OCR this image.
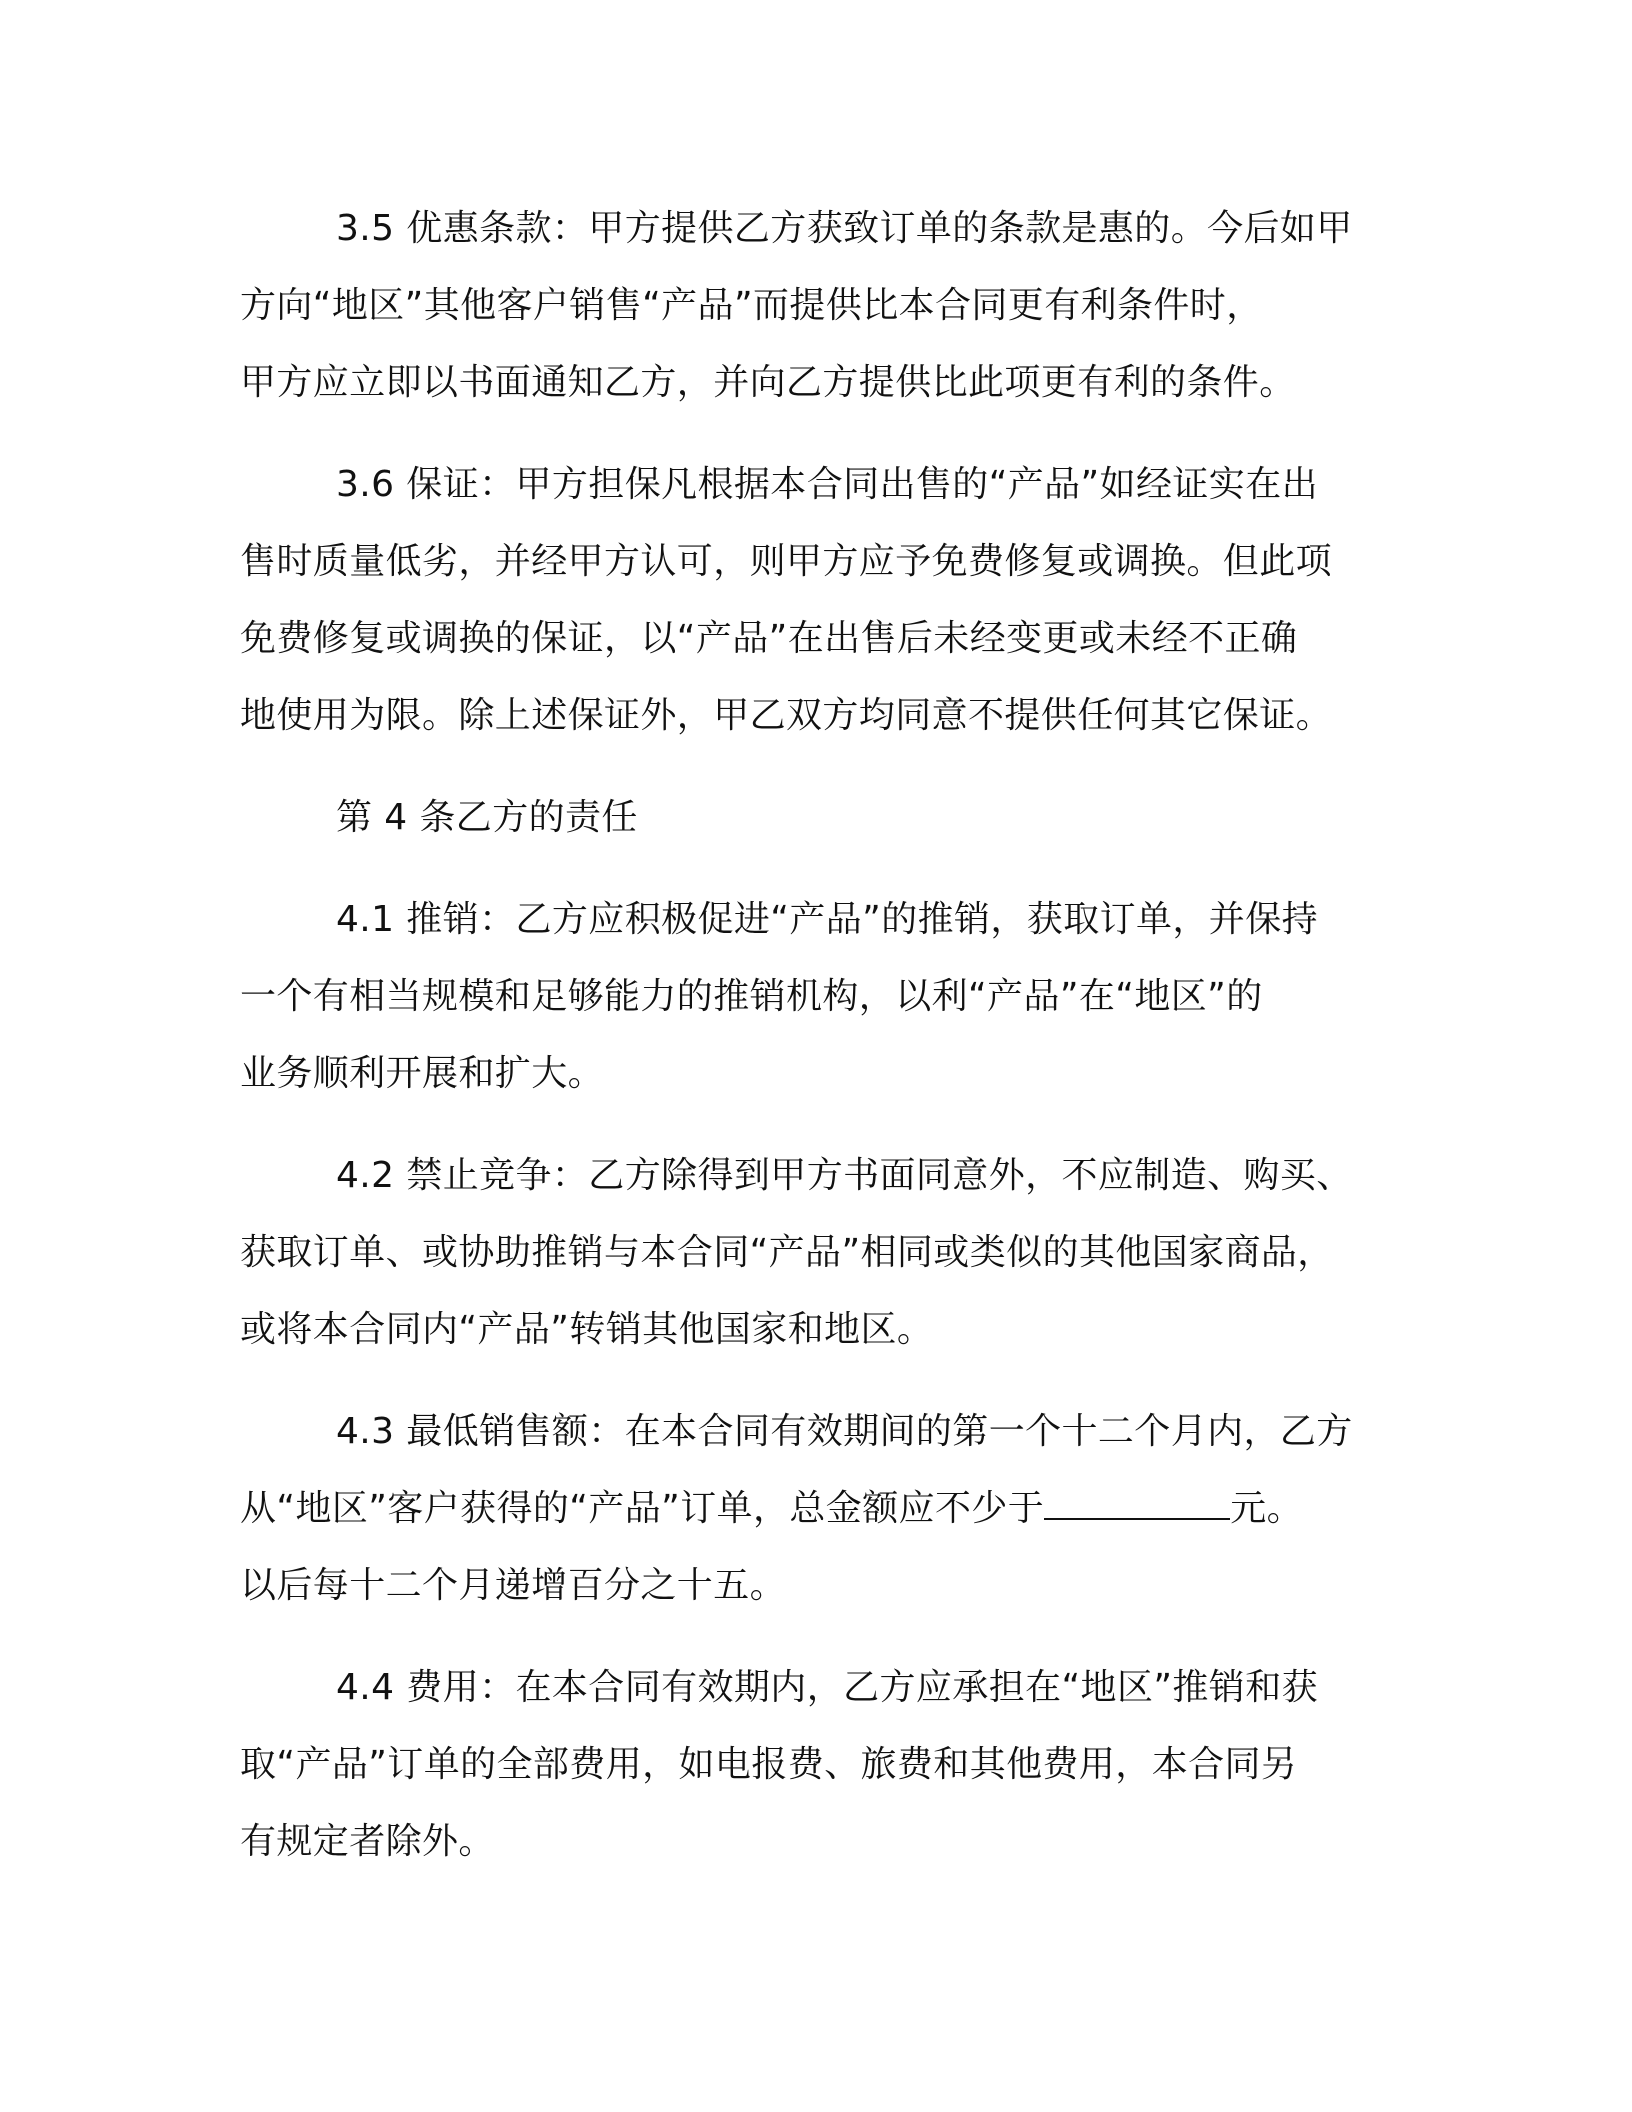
3.5 优惠条款：甲方提供乙方获致订单的条款是惠的。今后如甲
方向“地区”其他客户销售“产品”而提供比本合同更有利条件时，
甲方应立即以书面通知乙方，并向乙方提供比此项更有利的条件。

3.6 保证：甲方担保凡根据本合同出售的“产品”如经证实在出
售时质量低劣，并经甲方认可，则甲方应予免费修复或调换。但此项
免费修复或调换的保证，以“产品”在出售后未经变更或未经不正确
地使用为限。除上述保证外，甲乙双方均同意不提供任何其它保证。

第 4 条乙方的责任

4.1 推销：乙方应积极促进“产品”的推销，获取订单，并保持
一个有相当规模和足够能力的推销机构，以利“产品”在“地区”的
业务顺利开展和扩大。

4.2 禁止竞争：乙方除得到甲方书面同意外，不应制造、购买、
获取订单、或协助推销与本合同“产品”相同或类似的其他国家商品，
或将本合同内“产品”转销其他国家和地区。

4.3 最低销售额：在本合同有效期间的第一个十二个月内，乙方
从“地区”客户获得的“产品”订单，总金额应不少于	元。
以后每十二个月递增百分之十五。

4.4 费用：在本合同有效期内，乙方应承担在“地区”推销和获
取“产品”订单的全部费用，如电报费、旅费和其他费用，本合同另
有规定者除外。
